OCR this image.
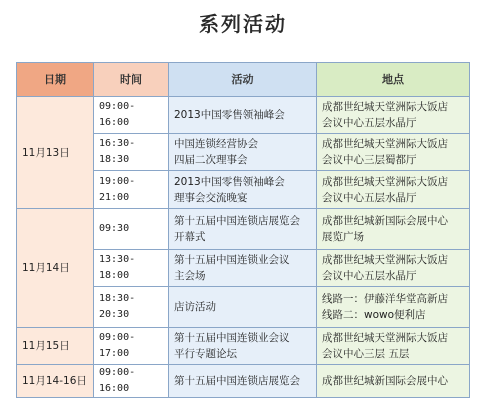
系列活动
日期	时间	活动	地点
11月13日	09:00-16:00	2013中国零售领袖峰会	成都世纪城天堂洲际大饭店
会议中心五层水晶厅

	16:30-18:30	中国连锁经营协会
四届二次理事会	成都世纪城天堂洲际大饭店
会议中心三层蜀都厅

	19:00-21:00	2013中国零售领袖峰会
理事会交流晚宴	成都世纪城天堂洲际大饭店
会议中心五层水晶厅

11月14日	09:30	第十五届中国连锁店展览会
开幕式	成都世纪城新国际会展中心
展览广场

	13:30-18:00	第十五届中国连锁业会议
主会场	成都世纪城天堂洲际大饭店
会议中心五层水晶厅

	18:30-20:30	店访活动	线路一：伊藤洋华堂高新店
线路二：wowo便利店

11月15日	09:00-17:00	第十五届中国连锁业会议
平行专题论坛	成都世纪城天堂洲际大饭店
会议中心三层 五层

11月14-16日	09:00-16:00	第十五届中国连锁店展览会	成都世纪城新国际会展中心
